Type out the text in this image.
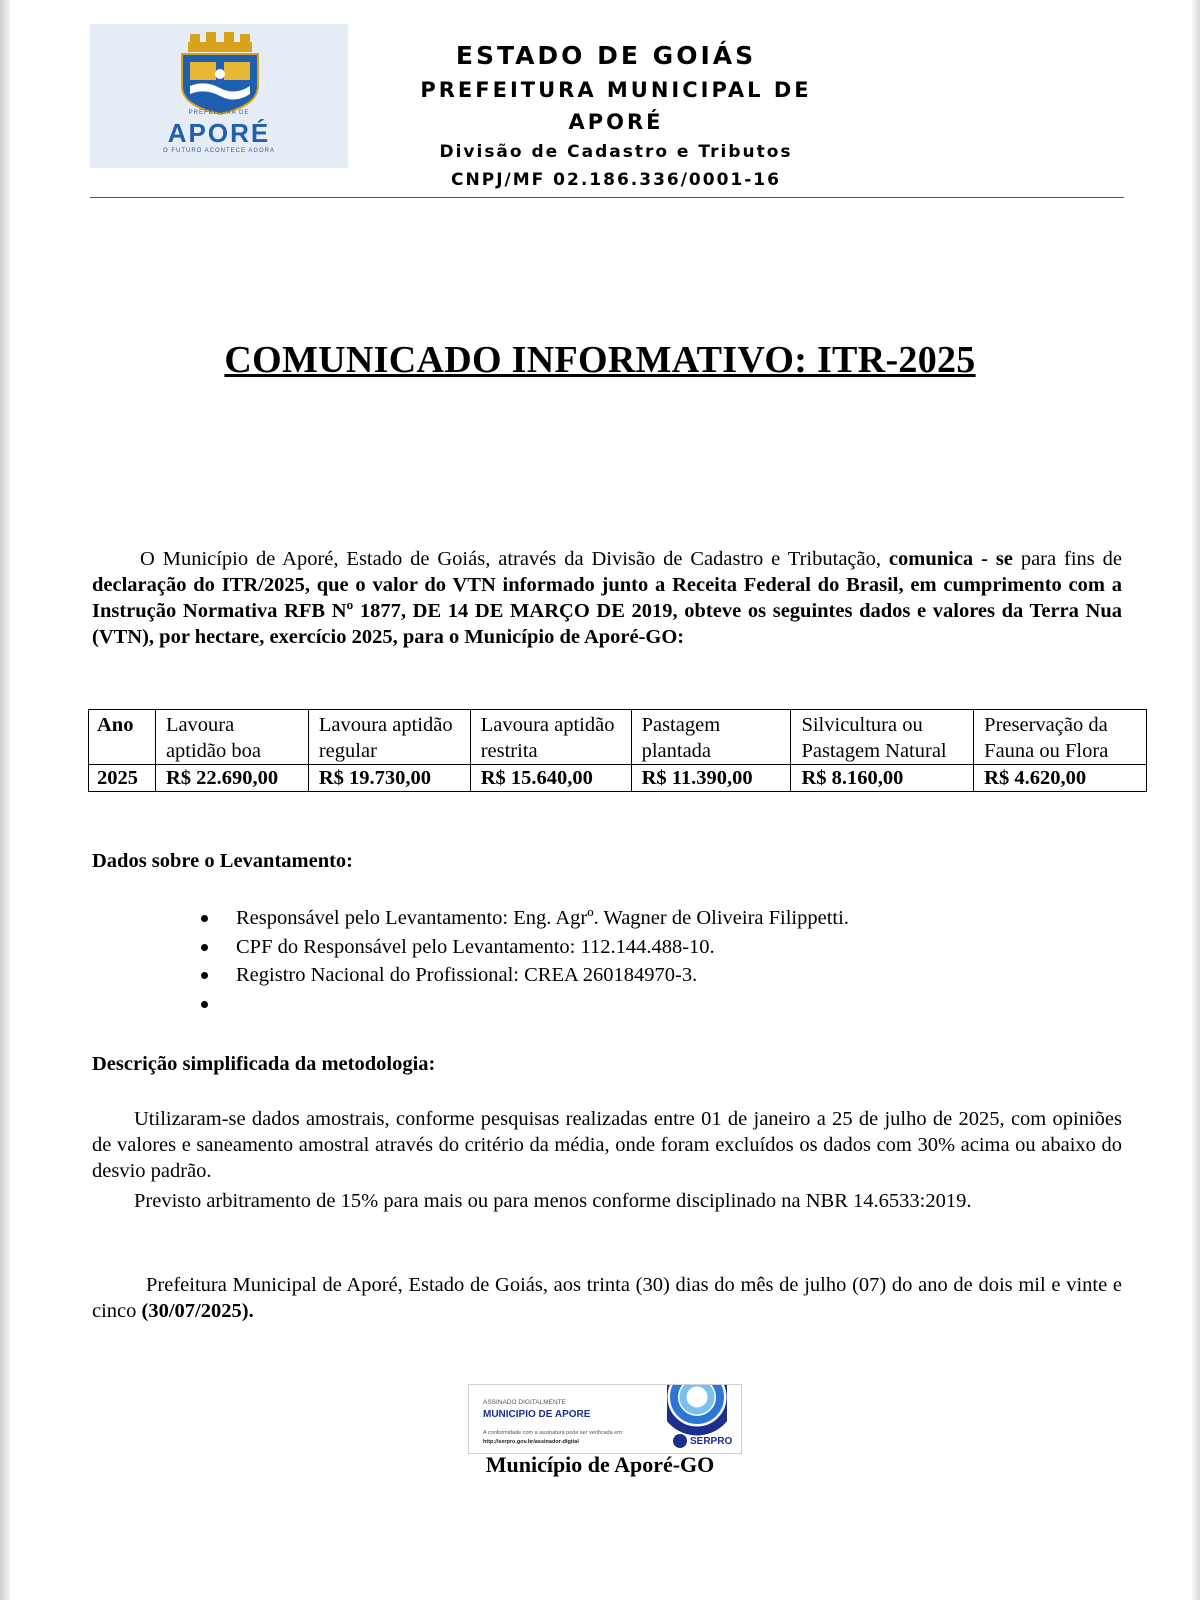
PREFEITURA DE
APORÉ
O FUTURO ACONTECE AGORA
ESTADO DE GOIÁS
PREFEITURA MUNICIPAL DE APORÉ
Divisão de Cadastro e Tributos
CNPJ/MF 02.186.336/0001-16
COMUNICADO INFORMATIVO: ITR-2025
O Município de Aporé, Estado de Goiás, através da Divisão de Cadastro e Tributação, comunica - se para fins de declaração do ITR/2025, que o valor do VTN informado junto a Receita Federal do Brasil, em cumprimento com a Instrução Normativa RFB Nº 1877, DE 14 DE MARÇO DE 2019, obteve os seguintes dados e valores da Terra Nua (VTN), por hectare, exercício 2025, para o Município de Aporé-GO:
Ano	Lavoura aptidão boa	Lavoura aptidão regular	Lavoura aptidão restrita	Pastagem plantada	Silvicultura ou Pastagem Natural	Preservação da Fauna ou Flora
2025	R$ 22.690,00	R$ 19.730,00	R$ 15.640,00	R$ 11.390,00	R$ 8.160,00	R$ 4.620,00
Dados sobre o Levantamento:
Responsável pelo Levantamento: Eng. Agrº. Wagner de Oliveira Filippetti.
CPF do Responsável pelo Levantamento: 112.144.488-10.
Registro Nacional do Profissional: CREA 260184970-3.
Descrição simplificada da metodologia:
Utilizaram-se dados amostrais, conforme pesquisas realizadas entre 01 de janeiro a 25 de julho de 2025, com opiniões de valores e saneamento amostral através do critério da média, onde foram excluídos os dados com 30% acima ou abaixo do desvio padrão.
Previsto arbitramento de 15% para mais ou para menos conforme disciplinado na NBR 14.6533:2019.
Prefeitura Municipal de Aporé, Estado de Goiás, aos trinta (30) dias do mês de julho (07) do ano de dois mil e vinte e cinco (30/07/2025).
ASSINADO DIGITALMENTE
MUNICIPIO DE APORE
A conformidade com a assinatura pode ser verificada em:
http://serpro.gov.br/assinador-digital	SERPRO
Município de Aporé-GO
